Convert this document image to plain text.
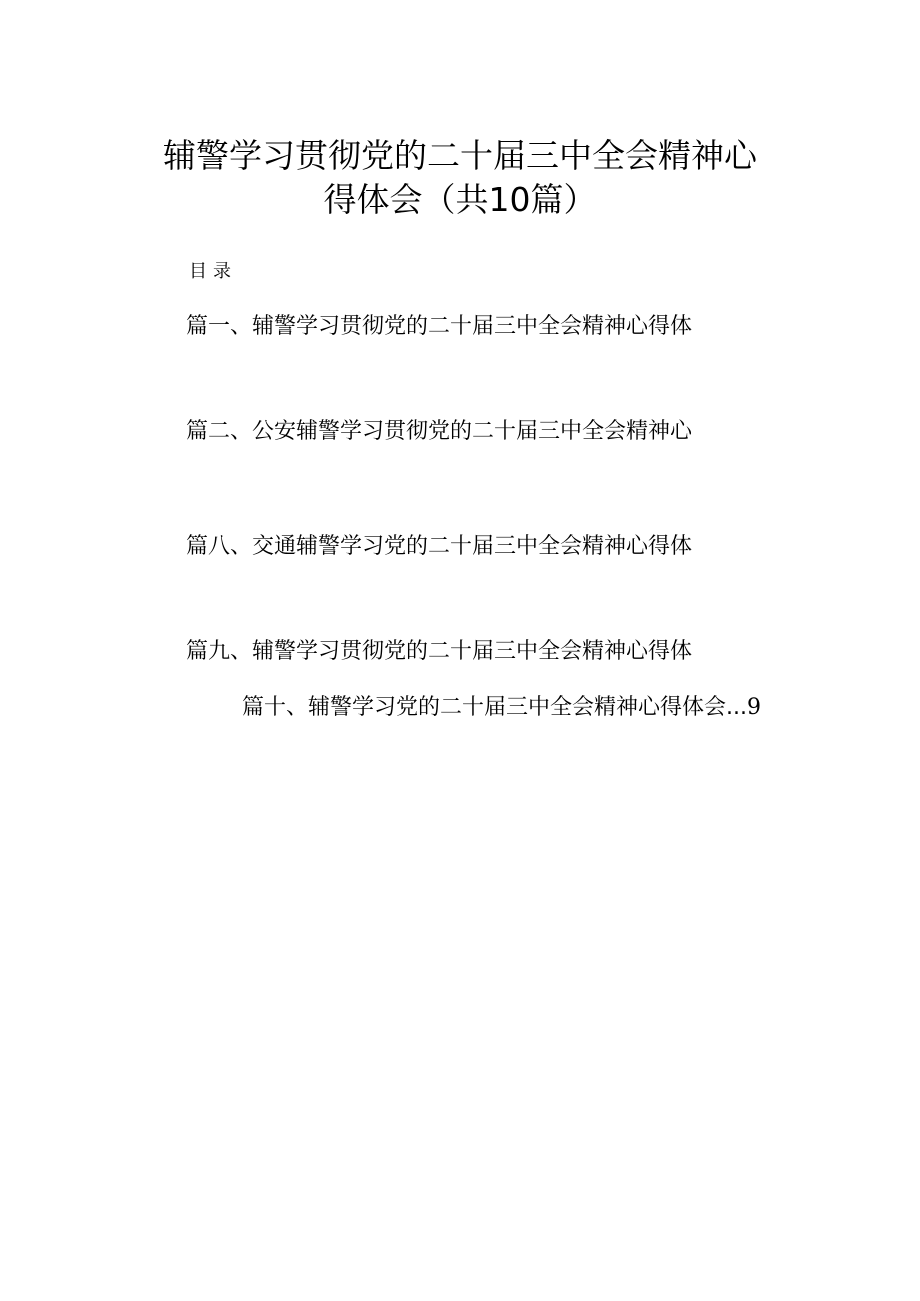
辅警学习贯彻党的二十届三中全会精神心
得体会（共10篇）
目录
篇一、辅警学习贯彻党的二十届三中全会精神心得体
篇二、公安辅警学习贯彻党的二十届三中全会精神心
篇八、交通辅警学习党的二十届三中全会精神心得体
篇九、辅警学习贯彻党的二十届三中全会精神心得体
篇十、辅警学习党的二十届三中全会精神心得体会...9
